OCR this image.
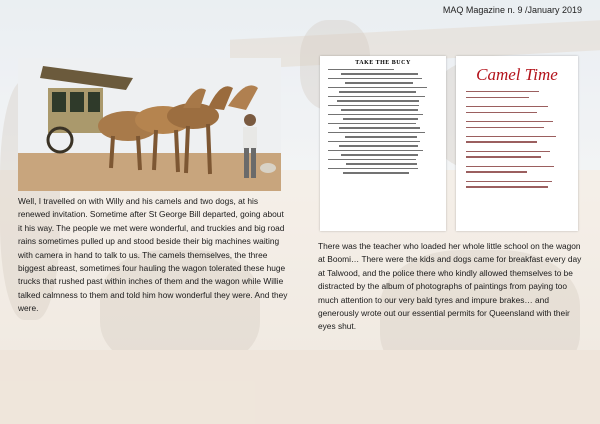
MAQ Magazine n. 9 /January 2019
TAKE THE BUCY
Camel Time
Well, I travelled on with Willy and his camels and two dogs, at his renewed invitation. Sometime after St George Bill departed, going about it his way. The people we met were wonderful, and truckies and big road rains sometimes pulled up and stood beside their big machines waiting with camera in hand to talk to us. The camels themselves, the three biggest abreast, sometimes four hauling the wagon tolerated these huge trucks that rushed past within inches of them and the wagon while Willie talked calmness to them and told him how wonderful they were. And they were.
There was the teacher who loaded her whole little school on the wagon at Boomi… There were the kids and dogs came for breakfast every day at Talwood, and the police there who kindly allowed themselves to be distracted by the album of photographs of paintings from paying too much attention to our very bald tyres and impure brakes… and generously wrote out our essential permits for Queensland with their eyes shut.
